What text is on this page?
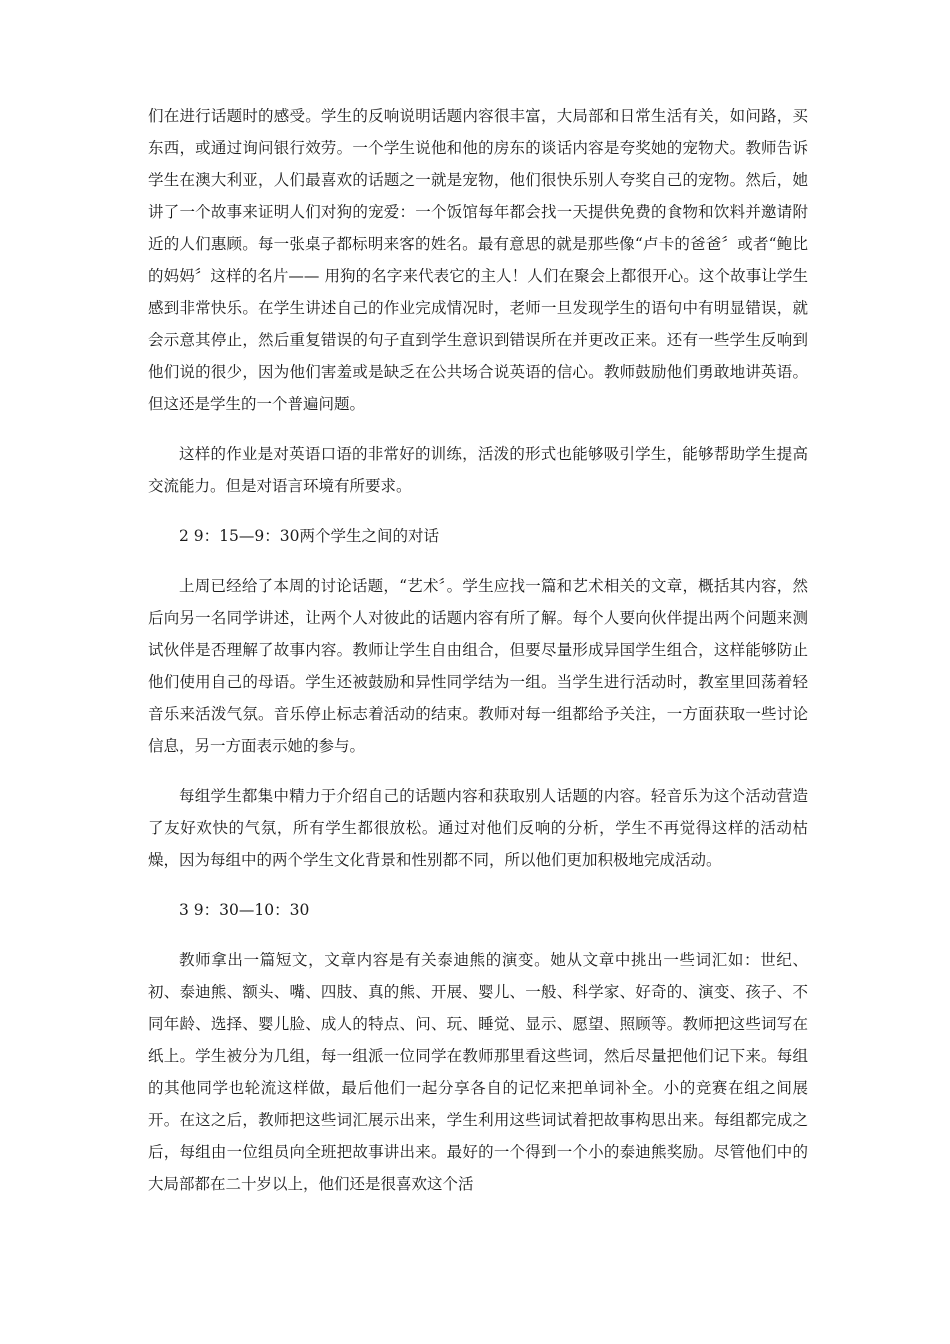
们在进行话题时的感受。学生的反响说明话题内容很丰富，大局部和日常生活有关，如问路，买东西，或通过询问银行效劳。一个学生说他和他的房东的谈话内容是夸奖她的宠物犬。教师告诉学生在澳大利亚，人们最喜欢的话题之一就是宠物，他们很快乐别人夸奖自己的宠物。然后，她讲了一个故事来证明人们对狗的宠爱：一个饭馆每年都会找一天提供免费的食物和饮料并邀请附近的人们惠顾。每一张桌子都标明来客的姓名。最有意思的就是那些像“卢卡的爸爸〞或者“鲍比的妈妈〞这样的名片—— 用狗的名字来代表它的主人！人们在聚会上都很开心。这个故事让学生感到非常快乐。在学生讲述自己的作业完成情况时，老师一旦发现学生的语句中有明显错误，就会示意其停止，然后重复错误的句子直到学生意识到错误所在并更改正来。还有一些学生反响到他们说的很少，因为他们害羞或是缺乏在公共场合说英语的信心。教师鼓励他们勇敢地讲英语。但这还是学生的一个普遍问题。

这样的作业是对英语口语的非常好的训练，活泼的形式也能够吸引学生，能够帮助学生提高交流能力。但是对语言环境有所要求。

2 9：15—9：30两个学生之间的对话

上周已经给了本周的讨论话题，“艺术〞。学生应找一篇和艺术相关的文章，概括其内容，然后向另一名同学讲述，让两个人对彼此的话题内容有所了解。每个人要向伙伴提出两个问题来测试伙伴是否理解了故事内容。教师让学生自由组合，但要尽量形成异国学生组合，这样能够防止他们使用自己的母语。学生还被鼓励和异性同学结为一组。当学生进行活动时，教室里回荡着轻音乐来活泼气氛。音乐停止标志着活动的结束。教师对每一组都给予关注，一方面获取一些讨论信息，另一方面表示她的参与。

每组学生都集中精力于介绍自己的话题内容和获取别人话题的内容。轻音乐为这个活动营造了友好欢快的气氛，所有学生都很放松。通过对他们反响的分析，学生不再觉得这样的活动枯燥，因为每组中的两个学生文化背景和性别都不同，所以他们更加积极地完成活动。

3 9：30—10：30

教师拿出一篇短文，文章内容是有关泰迪熊的演变。她从文章中挑出一些词汇如：世纪、初、泰迪熊、额头、嘴、四肢、真的熊、开展、婴儿、一般、科学家、好奇的、演变、孩子、不同年龄、选择、婴儿脸、成人的特点、问、玩、睡觉、显示、愿望、照顾等。教师把这些词写在纸上。学生被分为几组，每一组派一位同学在教师那里看这些词，然后尽量把他们记下来。每组的其他同学也轮流这样做，最后他们一起分享各自的记忆来把单词补全。小的竞赛在组之间展开。在这之后，教师把这些词汇展示出来，学生利用这些词试着把故事构思出来。每组都完成之后，每组由一位组员向全班把故事讲出来。最好的一个得到一个小的泰迪熊奖励。尽管他们中的大局部都在二十岁以上，他们还是很喜欢这个活
